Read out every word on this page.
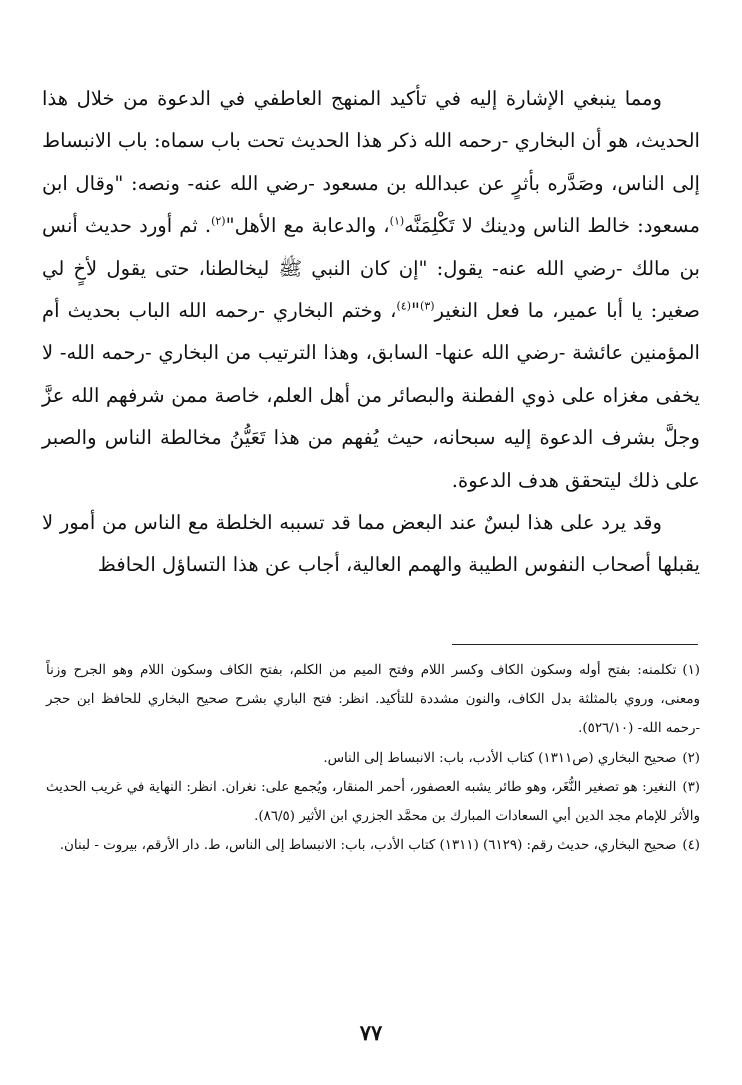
ومما ينبغي الإشارة إليه في تأكيد المنهج العاطفي في الدعوة من خلال هذا الحديث، هو أن البخاري -رحمه الله ذكر هذا الحديث تحت باب سماه: باب الانبساط إلى الناس، وصَدَّره بأثرٍ عن عبدالله بن مسعود -رضي الله عنه- ونصه: "وقال ابن مسعود: خالط الناس ودينك لا تَكْلِمَنَّه$^{(١)}$، والدعابة مع الأهل"$^{(٢)}$. ثم أورد حديث أنس بن مالك -رضي الله عنه- يقول: "إن كان النبي ﷺ ليخالطنا، حتى يقول لأخٍ لي صغير: يا أبا عمير، ما فعل النغير$^{(٣)}$"$^{(٤)}$، وختم البخاري -رحمه الله الباب بحديث أم المؤمنين عائشة -رضي الله عنها- السابق، وهذا الترتيب من البخاري -رحمه الله- لا يخفى مغزاه على ذوي الفطنة والبصائر من أهل العلم، خاصة ممن شرفهم الله عزَّ وجلَّ بشرف الدعوة إليه سبحانه، حيث يُفهم من هذا تَعَيُّنُ مخالطة الناس والصبر على ذلك ليتحقق هدف الدعوة.

وقد يرد على هذا لبسٌ عند البعض مما قد تسببه الخلطة مع الناس من أمور لا يقبلها أصحاب النفوس الطيبة والهمم العالية، أجاب عن هذا التساؤل الحافظ

(١)تكلمنه: بفتح أوله وسكون الكاف وكسر اللام وفتح الميم من الكلم، بفتح الكاف وسكون اللام وهو الجرح وزناً ومعنى، وروي بالمثلثة بدل الكاف، والنون مشددة للتأكيد. انظر: فتح الباري بشرح صحيح البخاري للحافظ ابن حجر -رحمه الله- (٥٢٦/١٠).

(٢)صحيح البخاري (ص١٣١١) كتاب الأدب، باب: الانبساط إلى الناس.

(٣)النغير: هو تصغير النُّغَر، وهو طائر يشبه العصفور، أحمر المنقار، ويُجمع على: نغران. انظر: النهاية في غريب الحديث والأثر للإمام مجد الدين أبي السعادات المبارك بن محمَّد الجزري ابن الأثير (٨٦/٥).

(٤)صحيح البخاري، حديث رقم: (٦١٢٩) (١٣١١) كتاب الأدب، باب: الانبساط إلى الناس، ط. دار الأرقم، بيروت - لبنان.

٧٧
